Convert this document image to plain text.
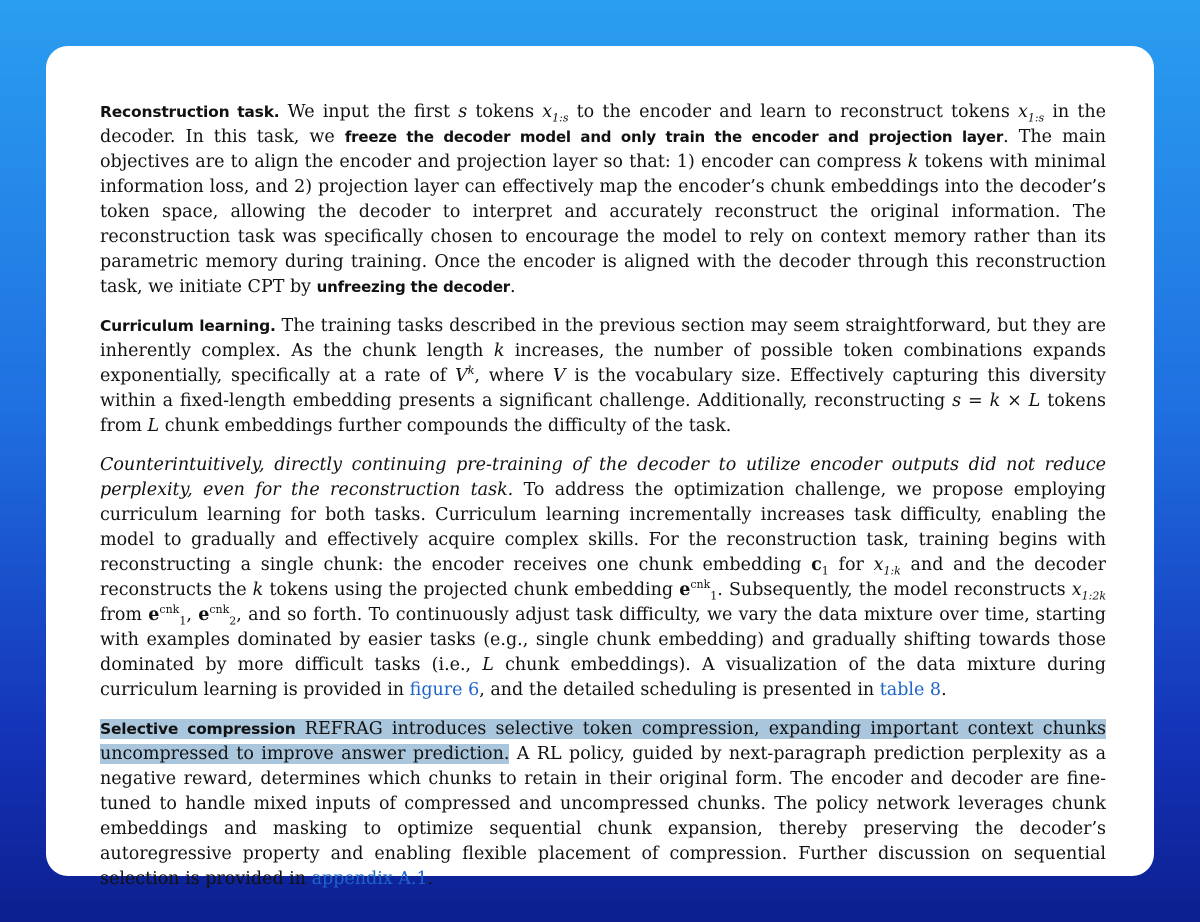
Reconstruction task. We input the first s tokens $x_{1:s}$ to the encoder and learn to reconstruct tokens $x_{1:s}$ in the decoder. In this task, we freeze the decoder model and only train the encoder and projection layer. The main objectives are to align the encoder and projection layer so that: 1) encoder can compress k tokens with minimal information loss, and 2) projection layer can effectively map the encoder’s chunk embeddings into the decoder’s token space, allowing the decoder to interpret and accurately reconstruct the original information. The reconstruction task was specifically chosen to encourage the model to rely on context memory rather than its parametric memory during training. Once the encoder is aligned with the decoder through this reconstruction task, we initiate CPT by unfreezing the decoder.

Curriculum learning. The training tasks described in the previous section may seem straightforward, but they are inherently complex. As the chunk length k increases, the number of possible token combinations expands exponentially, specifically at a rate of $V^k$, where V is the vocabulary size. Effectively capturing this diversity within a fixed-length embedding presents a significant challenge. Additionally, reconstructing s = k × L tokens from L chunk embeddings further compounds the difficulty of the task.

Counterintuitively, directly continuing pre-training of the decoder to utilize encoder outputs did not reduce perplexity, even for the reconstruction task. To address the optimization challenge, we propose employing curriculum learning for both tasks. Curriculum learning incrementally increases task difficulty, enabling the model to gradually and effectively acquire complex skills. For the reconstruction task, training begins with reconstructing a single chunk: the encoder receives one chunk embedding $c_1$ for $x_{1:k}$ and and the decoder reconstructs the k tokens using the projected chunk embedding $e^{cnk}_1$. Subsequently, the model reconstructs $x_{1:2k}$ from $e^{cnk}_1$, $e^{cnk}_2$, and so forth. To continuously adjust task difficulty, we vary the data mixture over time, starting with examples dominated by easier tasks (e.g., single chunk embedding) and gradually shifting towards those dominated by more difficult tasks (i.e., L chunk embeddings). A visualization of the data mixture during curriculum learning is provided in figure 6, and the detailed scheduling is presented in table 8.

Selective compression REFRAG introduces selective token compression, expanding important context chunks uncompressed to improve answer prediction. A RL policy, guided by next-paragraph prediction perplexity as a negative reward, determines which chunks to retain in their original form. The encoder and decoder are fine-tuned to handle mixed inputs of compressed and uncompressed chunks. The policy network leverages chunk embeddings and masking to optimize sequential chunk expansion, thereby preserving the decoder’s autoregressive property and enabling flexible placement of compression. Further discussion on sequential selection is provided in appendix A.1.
